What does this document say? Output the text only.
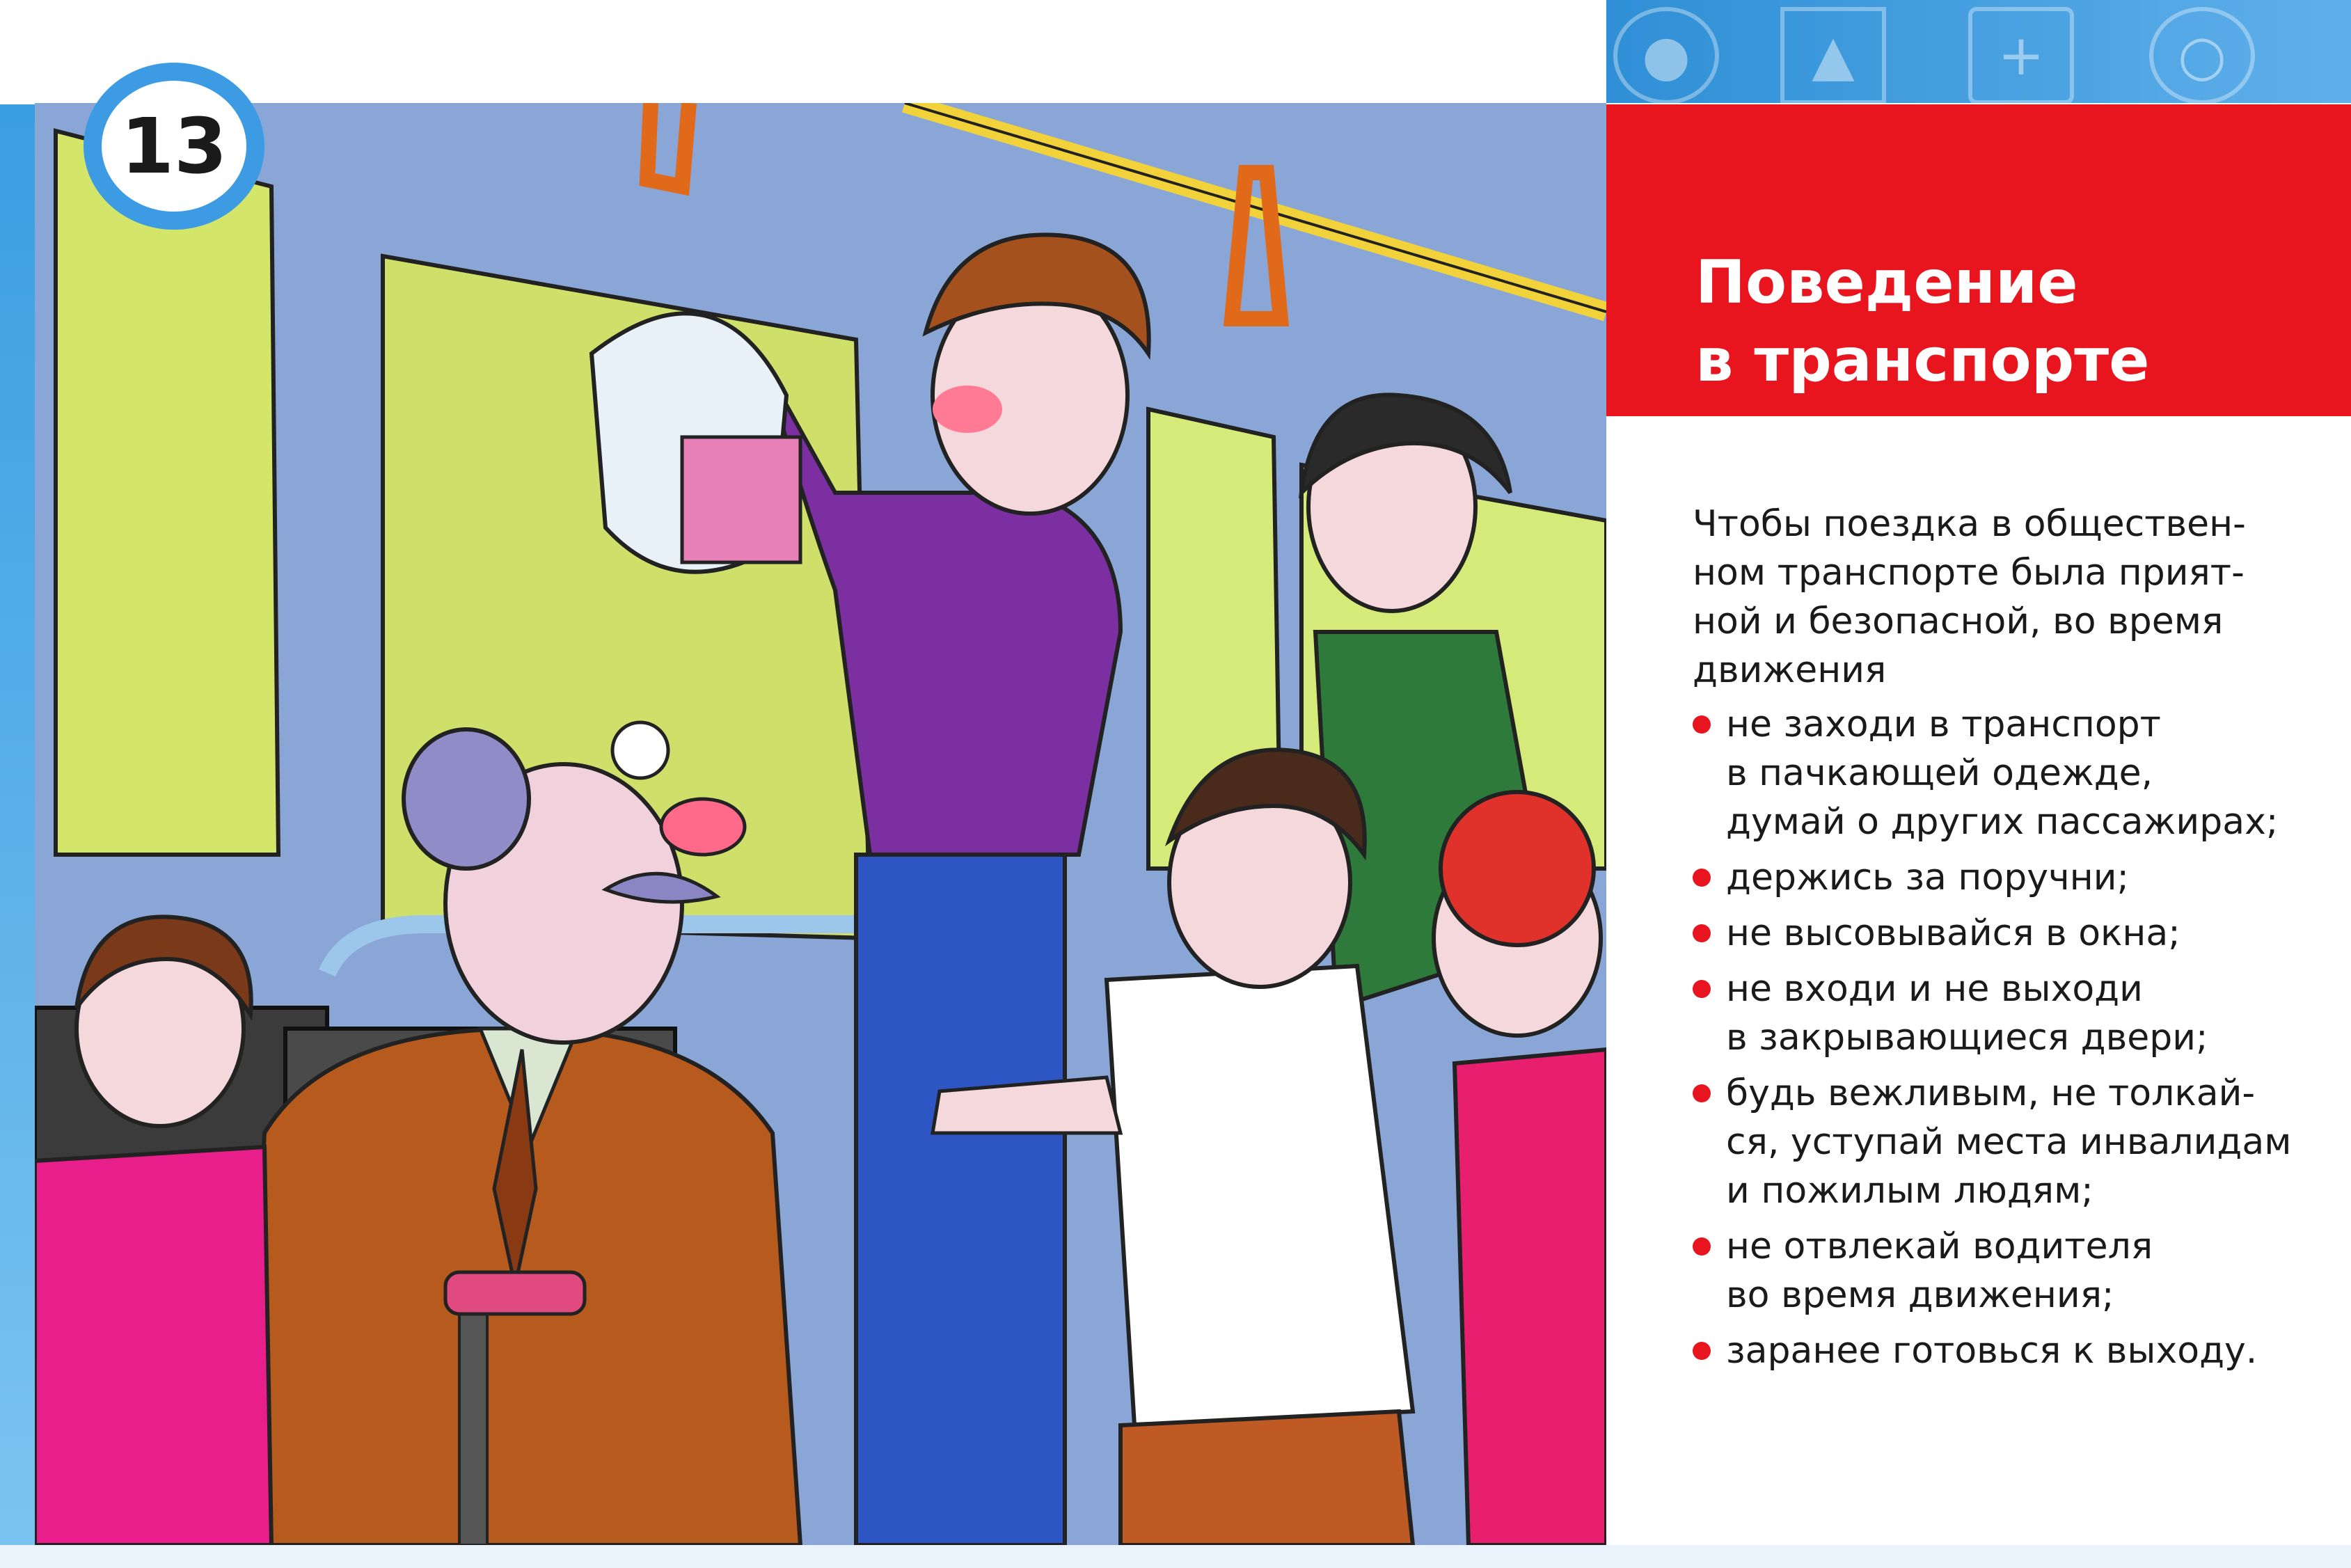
●	▲	+	○
13
Поведение
в транспорте

Чтобы поездка в обществен-
ном транспорте была прият-
ной и безопасной, во время
движения

не заходи в транспорт
в пачкающей одежде,
думай о других пассажирах;
держись за поручни;
не высовывайся в окна;
не входи и не выходи
в закрывающиеся двери;
будь вежливым, не толкай-
ся, уступай места инвалидам
и пожилым людям;
не отвлекай водителя
во время движения;
заранее готовься к выходу.
